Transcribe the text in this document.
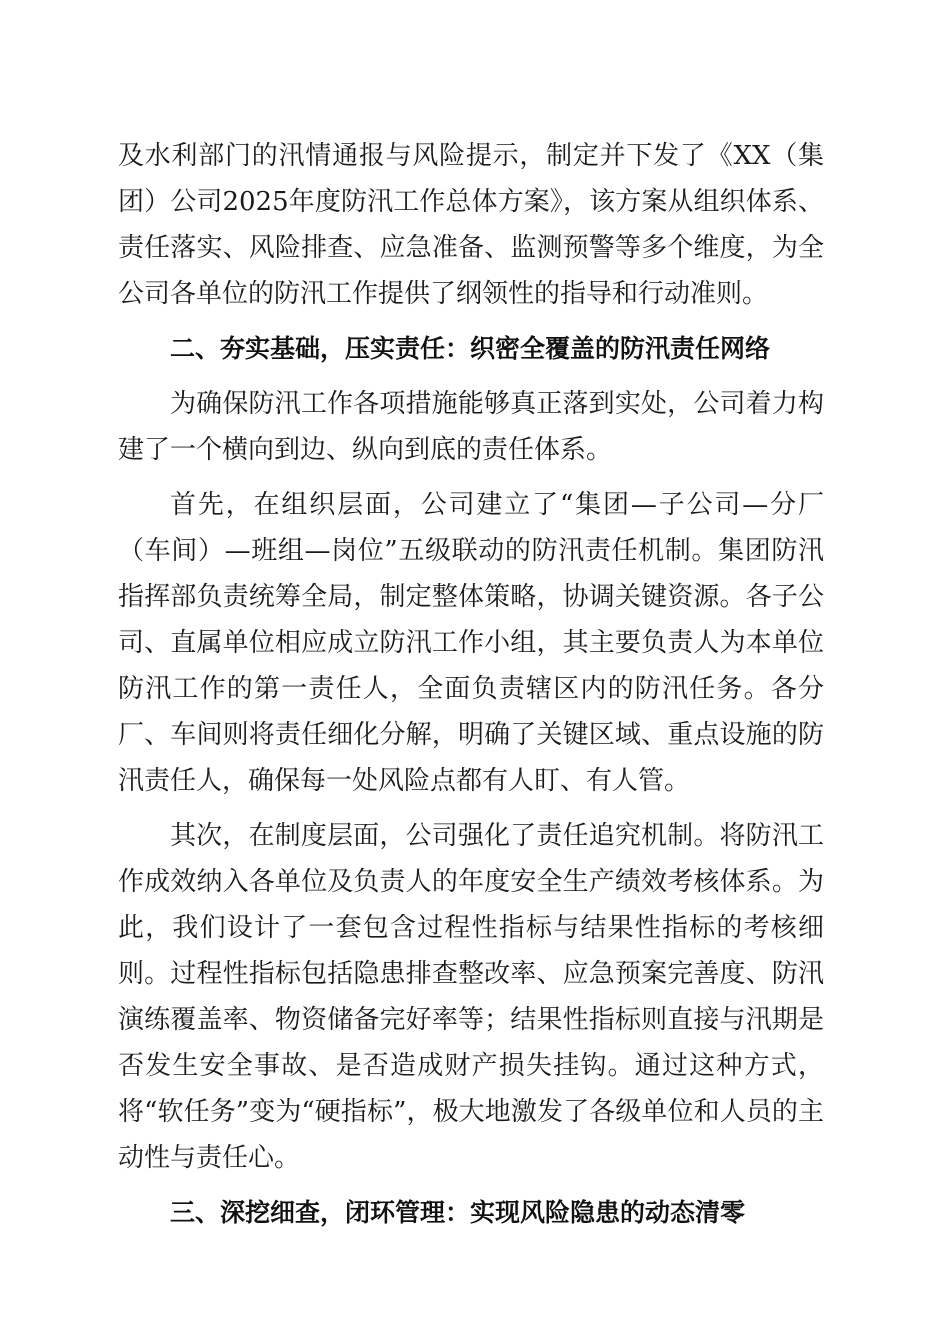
及水利部门的汛情通报与风险提示，制定并下发了《XX（集团）公司2025年度防汛工作总体方案》，该方案从组织体系、责任落实、风险排查、应急准备、监测预警等多个维度，为全公司各单位的防汛工作提供了纲领性的指导和行动准则。

二、夯实基础，压实责任：织密全覆盖的防汛责任网络

为确保防汛工作各项措施能够真正落到实处，公司着力构建了一个横向到边、纵向到底的责任体系。

首先，在组织层面，公司建立了“集团—子公司—分厂（车间）—班组—岗位”五级联动的防汛责任机制。集团防汛指挥部负责统筹全局，制定整体策略，协调关键资源。各子公司、直属单位相应成立防汛工作小组，其主要负责人为本单位防汛工作的第一责任人，全面负责辖区内的防汛任务。各分厂、车间则将责任细化分解，明确了关键区域、重点设施的防汛责任人，确保每一处风险点都有人盯、有人管。

其次，在制度层面，公司强化了责任追究机制。将防汛工作成效纳入各单位及负责人的年度安全生产绩效考核体系。为此，我们设计了一套包含过程性指标与结果性指标的考核细则。过程性指标包括隐患排查整改率、应急预案完善度、防汛演练覆盖率、物资储备完好率等；结果性指标则直接与汛期是否发生安全事故、是否造成财产损失挂钩。通过这种方式，将“软任务”变为“硬指标”，极大地激发了各级单位和人员的主动性与责任心。

三、深挖细查，闭环管理：实现风险隐患的动态清零
